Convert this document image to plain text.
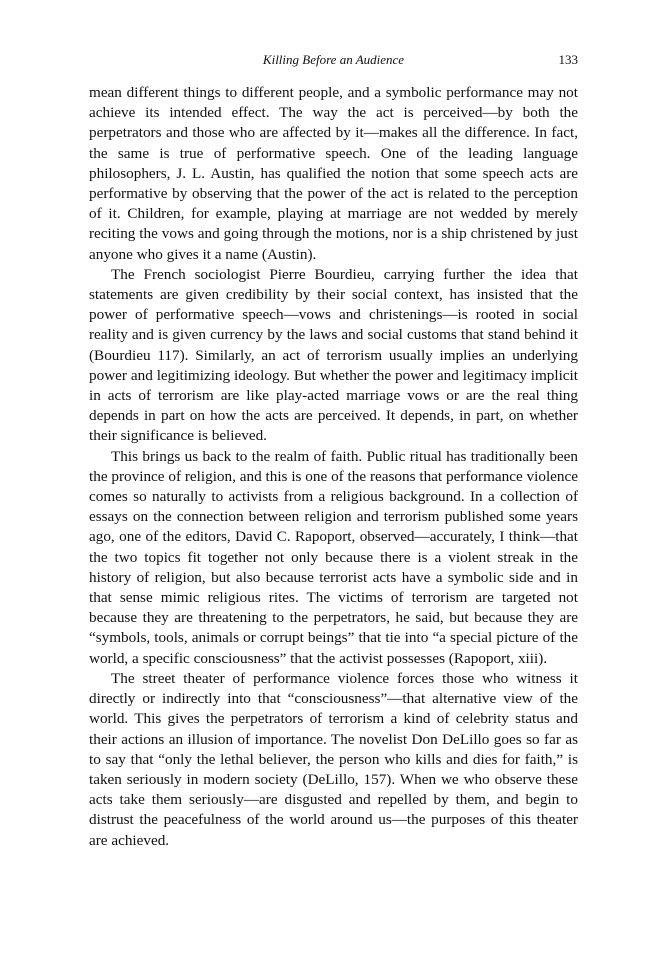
Killing Before an Audience	133

mean different things to different people, and a symbolic performance may not achieve its intended effect. The way the act is perceived—by both the perpetrators and those who are affected by it—makes all the difference. In fact, the same is true of performative speech. One of the leading language philosophers, J. L. Austin, has qualified the notion that some speech acts are performative by observing that the power of the act is related to the perception of it. Children, for example, playing at marriage are not wedded by merely reciting the vows and going through the motions, nor is a ship christened by just anyone who gives it a name (Austin).

The French sociologist Pierre Bourdieu, carrying further the idea that statements are given credibility by their social context, has insisted that the power of performative speech—vows and christenings—is rooted in social reality and is given currency by the laws and social customs that stand behind it (Bourdieu 117). Similarly, an act of terrorism usually implies an underlying power and legitimizing ideology. But whether the power and legitimacy implicit in acts of terrorism are like play-acted marriage vows or are the real thing depends in part on how the acts are perceived. It depends, in part, on whether their significance is believed.

This brings us back to the realm of faith. Public ritual has traditionally been the province of religion, and this is one of the reasons that performance violence comes so naturally to activists from a religious background. In a collection of essays on the connection between religion and terrorism published some years ago, one of the editors, David C. Rapoport, observed—accurately, I think—that the two topics fit together not only because there is a violent streak in the history of religion, but also because terrorist acts have a symbolic side and in that sense mimic religious rites. The victims of terrorism are targeted not because they are threatening to the perpetrators, he said, but because they are “symbols, tools, animals or corrupt beings” that tie into “a special picture of the world, a specific consciousness” that the activist possesses (Rapoport, xiii).

The street theater of performance violence forces those who witness it directly or indirectly into that “consciousness”—that alternative view of the world. This gives the perpetrators of terrorism a kind of celebrity status and their actions an illusion of importance. The novelist Don DeLillo goes so far as to say that “only the lethal believer, the person who kills and dies for faith,” is taken seriously in modern society (DeLillo, 157). When we who observe these acts take them seriously—are disgusted and repelled by them, and begin to distrust the peacefulness of the world around us—the purposes of this theater are achieved.
